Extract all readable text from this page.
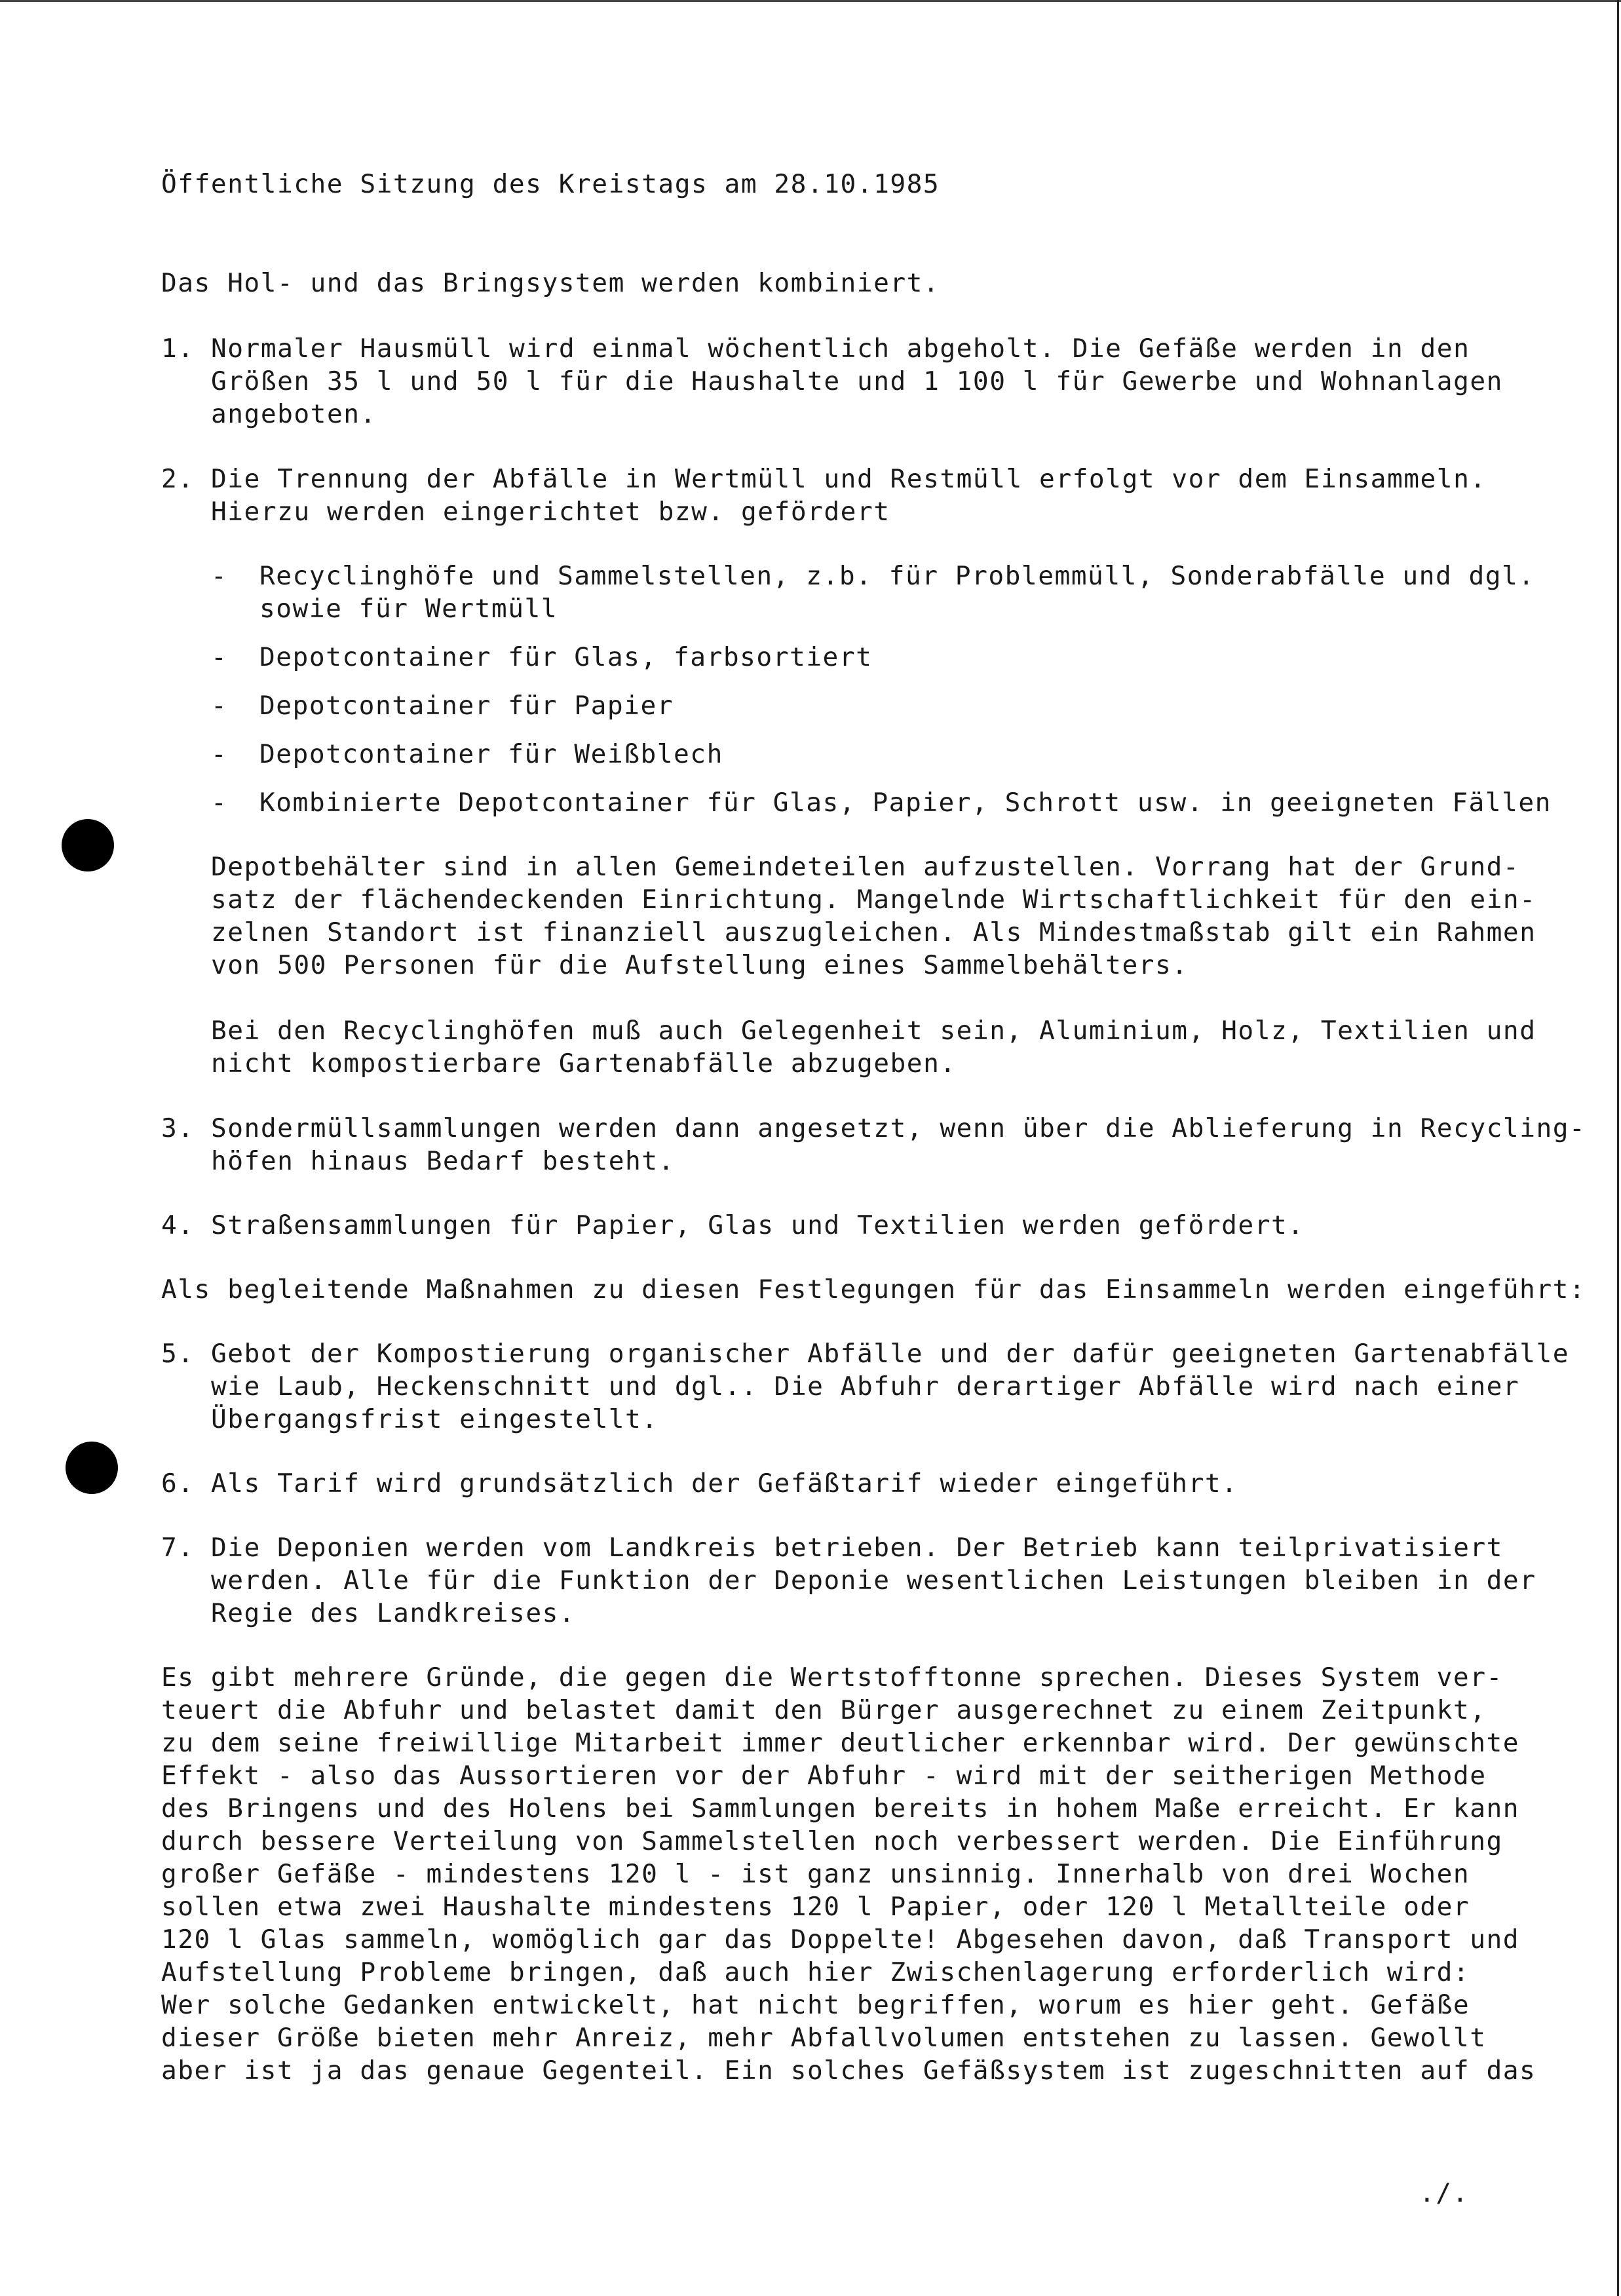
Öffentliche Sitzung des Kreistags am 28.10.1985

Das Hol- und das Bringsystem werden kombiniert.

1. Normaler Hausmüll wird einmal wöchentlich abgeholt. Die Gefäße werden in den
Größen 35 l und 50 l für die Haushalte und 1 100 l für Gewerbe und Wohnanlagen
angeboten.
2. Die Trennung der Abfälle in Wertmüll und Restmüll erfolgt vor dem Einsammeln.
Hierzu werden eingerichtet bzw. gefördert
- Recyclinghöfe und Sammelstellen, z.b. für Problemmüll, Sonderabfälle und dgl.
sowie für Wertmüll
- Depotcontainer für Glas, farbsortiert
- Depotcontainer für Papier
- Depotcontainer für Weißblech
- Kombinierte Depotcontainer für Glas, Papier, Schrott usw. in geeigneten Fällen
Depotbehälter sind in allen Gemeindeteilen aufzustellen. Vorrang hat der Grund-
satz der flächendeckenden Einrichtung. Mangelnde Wirtschaftlichkeit für den ein-
zelnen Standort ist finanziell auszugleichen. Als Mindestmaßstab gilt ein Rahmen
von 500 Personen für die Aufstellung eines Sammelbehälters.
Bei den Recyclinghöfen muß auch Gelegenheit sein, Aluminium, Holz, Textilien und
nicht kompostierbare Gartenabfälle abzugeben.
3. Sondermüllsammlungen werden dann angesetzt, wenn über die Ablieferung in Recycling-
höfen hinaus Bedarf besteht.
4. Straßensammlungen für Papier, Glas und Textilien werden gefördert.

Als begleitende Maßnahmen zu diesen Festlegungen für das Einsammeln werden eingeführt:

5. Gebot der Kompostierung organischer Abfälle und der dafür geeigneten Gartenabfälle
wie Laub, Heckenschnitt und dgl.. Die Abfuhr derartiger Abfälle wird nach einer
Übergangsfrist eingestellt.
6. Als Tarif wird grundsätzlich der Gefäßtarif wieder eingeführt.
7. Die Deponien werden vom Landkreis betrieben. Der Betrieb kann teilprivatisiert
werden. Alle für die Funktion der Deponie wesentlichen Leistungen bleiben in der
Regie des Landkreises.
Es gibt mehrere Gründe, die gegen die Wertstofftonne sprechen. Dieses System ver-
teuert die Abfuhr und belastet damit den Bürger ausgerechnet zu einem Zeitpunkt,
zu dem seine freiwillige Mitarbeit immer deutlicher erkennbar wird. Der gewünschte
Effekt - also das Aussortieren vor der Abfuhr - wird mit der seitherigen Methode
des Bringens und des Holens bei Sammlungen bereits in hohem Maße erreicht. Er kann
durch bessere Verteilung von Sammelstellen noch verbessert werden. Die Einführung
großer Gefäße - mindestens 120 l - ist ganz unsinnig. Innerhalb von drei Wochen
sollen etwa zwei Haushalte mindestens 120 l Papier, oder 120 l Metallteile oder
120 l Glas sammeln, womöglich gar das Doppelte! Abgesehen davon, daß Transport und
Aufstellung Probleme bringen, daß auch hier Zwischenlagerung erforderlich wird:
Wer solche Gedanken entwickelt, hat nicht begriffen, worum es hier geht. Gefäße
dieser Größe bieten mehr Anreiz, mehr Abfallvolumen entstehen zu lassen. Gewollt
aber ist ja das genaue Gegenteil. Ein solches Gefäßsystem ist zugeschnitten auf das
./.
